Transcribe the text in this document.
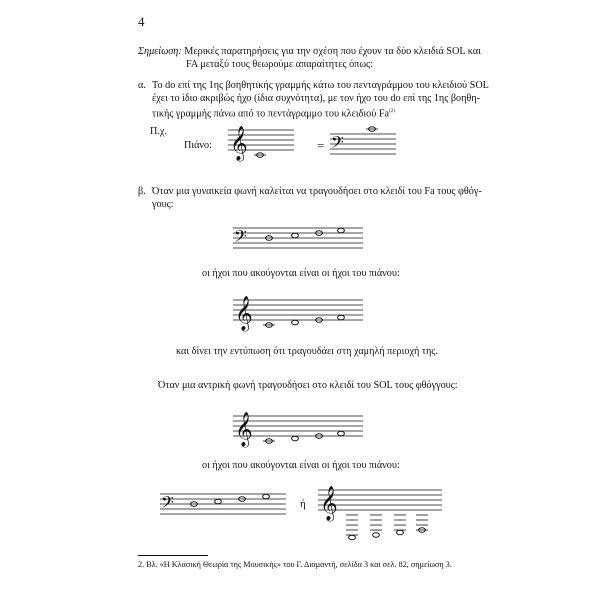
4
Σημείωση: Μερικές παρατηρήσεις για την σχέση που έχουν τα δύο κλειδιά SOL και
FA μεταξύ τους θεωρούμε απαραίτητες όπως:
α. Το do επί της 1ης βοηθητικής γραμμής κάτω του πενταγράμμου του κλειδιού SOL
έχει το ίδιο ακριβώς ήχο (ίδια συχνότητα), με τον ήχο του do επί της 1ης βοηθη-
τικής γραμμής πάνω από το πεντάγραμμο του κλειδιού Fa$^{(2)}$
Π.χ.
Πιάνο:	=
𝄞	𝄢
β. Όταν μια γυναικεία φωνή καλείται να τραγουδήσει στο κλειδί του Fa τους φθόγ-
γους:
𝄢
οι ήχοι που ακούγονται είναι οι ήχοι του πιάνου:
𝄞
και δίνει την εντύπωση ότι τραγουδάει στη χαμηλή περιοχή της.
Όταν μια αντρική φωνή τραγουδήσει στο κλειδί του SOL τους φθόγγους:
𝄞
οι ήχοι που ακούγονται είναι οι ήχοι του πιάνου:
𝄢	ή 𝄞
2. Βλ. «Η Κλασική Θεωρία της Μουσικής» του Γ. Διαμαντή, σελίδα 3 και σελ. 82, σημείωση 3.
